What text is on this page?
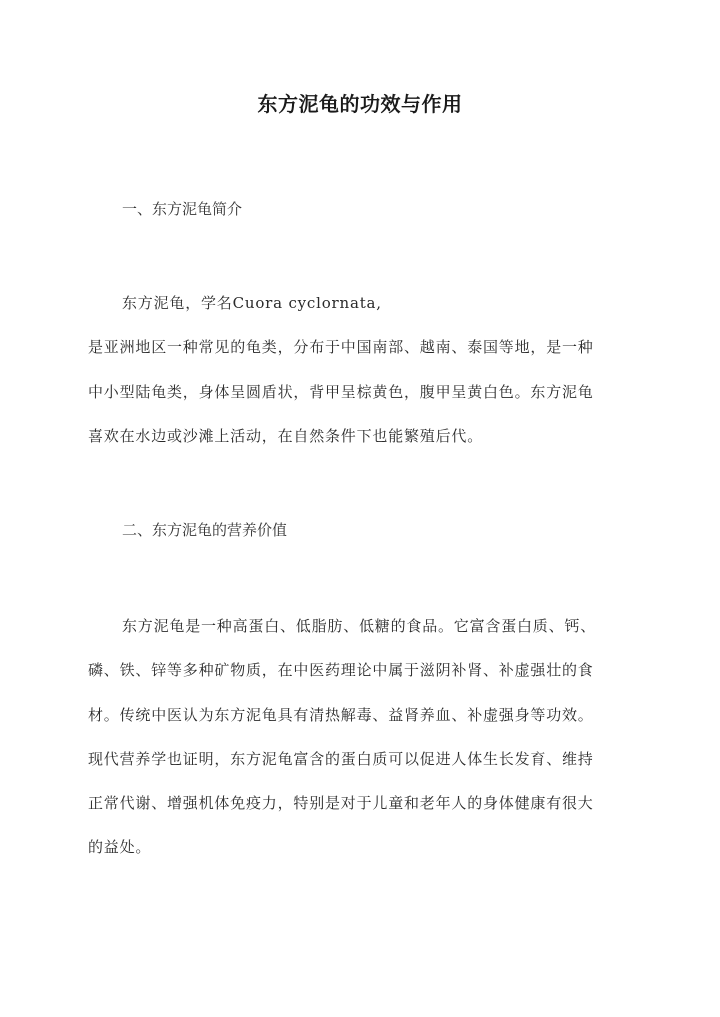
东方泥龟的功效与作用
一、东方泥龟简介
东方泥龟，学名Cuora cyclornata,
是亚洲地区一种常见的龟类，分布于中国南部、越南、泰国等地，是一种
中小型陆龟类，身体呈圆盾状，背甲呈棕黄色，腹甲呈黄白色。东方泥龟
喜欢在水边或沙滩上活动，在自然条件下也能繁殖后代。
二、东方泥龟的营养价值
东方泥龟是一种高蛋白、低脂肪、低糖的食品。它富含蛋白质、钙、
磷、铁、锌等多种矿物质，在中医药理论中属于滋阴补肾、补虚强壮的食
材。传统中医认为东方泥龟具有清热解毒、益肾养血、补虚强身等功效。
现代营养学也证明，东方泥龟富含的蛋白质可以促进人体生长发育、维持
正常代谢、增强机体免疫力，特别是对于儿童和老年人的身体健康有很大
的益处。
